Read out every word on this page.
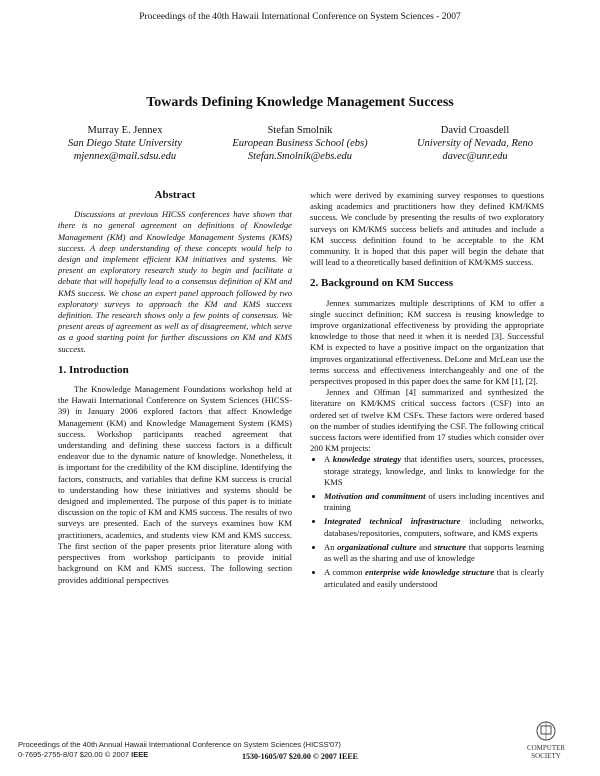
Proceedings of the 40th Hawaii International Conference on System Sciences - 2007
Towards Defining Knowledge Management Success
Murray E. Jennex
San Diego State University
mjennex@mail.sdsu.edu
Stefan Smolnik
European Business School (ebs)
Stefan.Smolnik@ebs.edu
David Croasdell
University of Nevada, Reno
davec@unr.edu
Abstract

Discussions at previous HICSS conferences have shown that there is no general agreement on definitions of Knowledge Management (KM) and Knowledge Management Systems (KMS) success. A deep understanding of these concepts would help to design and implement efficient KM initiatives and systems. We present an exploratory research study to begin and facilitate a debate that will hopefully lead to a consensus definition of KM and KMS success. We chose an expert panel approach followed by two exploratory surveys to approach the KM and KMS success definition. The research shows only a few points of consensus. We present areas of agreement as well as of disagreement, which serve as a good starting point for further discussions on KM and KMS success.

1. Introduction

The Knowledge Management Foundations workshop held at the Hawaii International Conference on System Sciences (HICSS-39) in January 2006 explored factors that affect Knowledge Management (KM) and Knowledge Management System (KMS) success. Workshop participants reached agreement that understanding and defining these success factors is a difficult endeavor due to the dynamic nature of knowledge. Nonetheless, it is important for the credibility of the KM discipline. Identifying the factors, constructs, and variables that define KM success is crucial to understanding how these initiatives and systems should be designed and implemented. The purpose of this paper is to initiate discussion on the topic of KM and KMS success. The results of two surveys are presented. Each of the surveys examines how KM practitioners, academics, and students view KM and KMS success. The first section of the paper presents prior literature along with perspectives from workshop participants to provide initial background on KM and KMS success. The following section provides additional perspectives

which were derived by examining survey responses to questions asking academics and practitioners how they defined KM/KMS success. We conclude by presenting the results of two exploratory surveys on KM/KMS success beliefs and attitudes and include a KM success definition found to be acceptable to the KM community. It is hoped that this paper will begin the debate that will lead to a theoretically based definition of KM/KMS success.

2. Background on KM Success

Jennex summarizes multiple descriptions of KM to offer a single succinct definition; KM success is reusing knowledge to improve organizational effectiveness by providing the appropriate knowledge to those that need it when it is needed [3]. Successful KM is expected to have a positive impact on the organization that improves organizational effectiveness. DeLone and McLean use the terms success and effectiveness interchangeably and one of the perspectives proposed in this paper does the same for KM [1], [2].

Jennex and Olfman [4] summarized and synthesized the literature on KM/KMS critical success factors (CSF) into an ordered set of twelve KM CSFs. These factors were ordered based on the number of studies identifying the CSF. The following critical success factors were identified from 17 studies which consider over 200 KM projects:

• A knowledge strategy that identifies users, sources, processes, storage strategy, knowledge, and links to knowledge for the KMS
• Motivation and commitment of users including incentives and training
• Integrated technical infrastructure including networks, databases/repositories, computers, software, and KMS experts
• An organizational culture and structure that supports learning as well as the sharing and use of knowledge
• A common enterprise wide knowledge structure that is clearly articulated and easily understood
Proceedings of the 40th Annual Hawaii International Conference on System Sciences (HICSS'07)
0-7695-2755-8/07 $20.00 © 2007 IEEE	1530-1605/07 $20.00 © 2007 IEEE
COMPUTER SOCIETY
